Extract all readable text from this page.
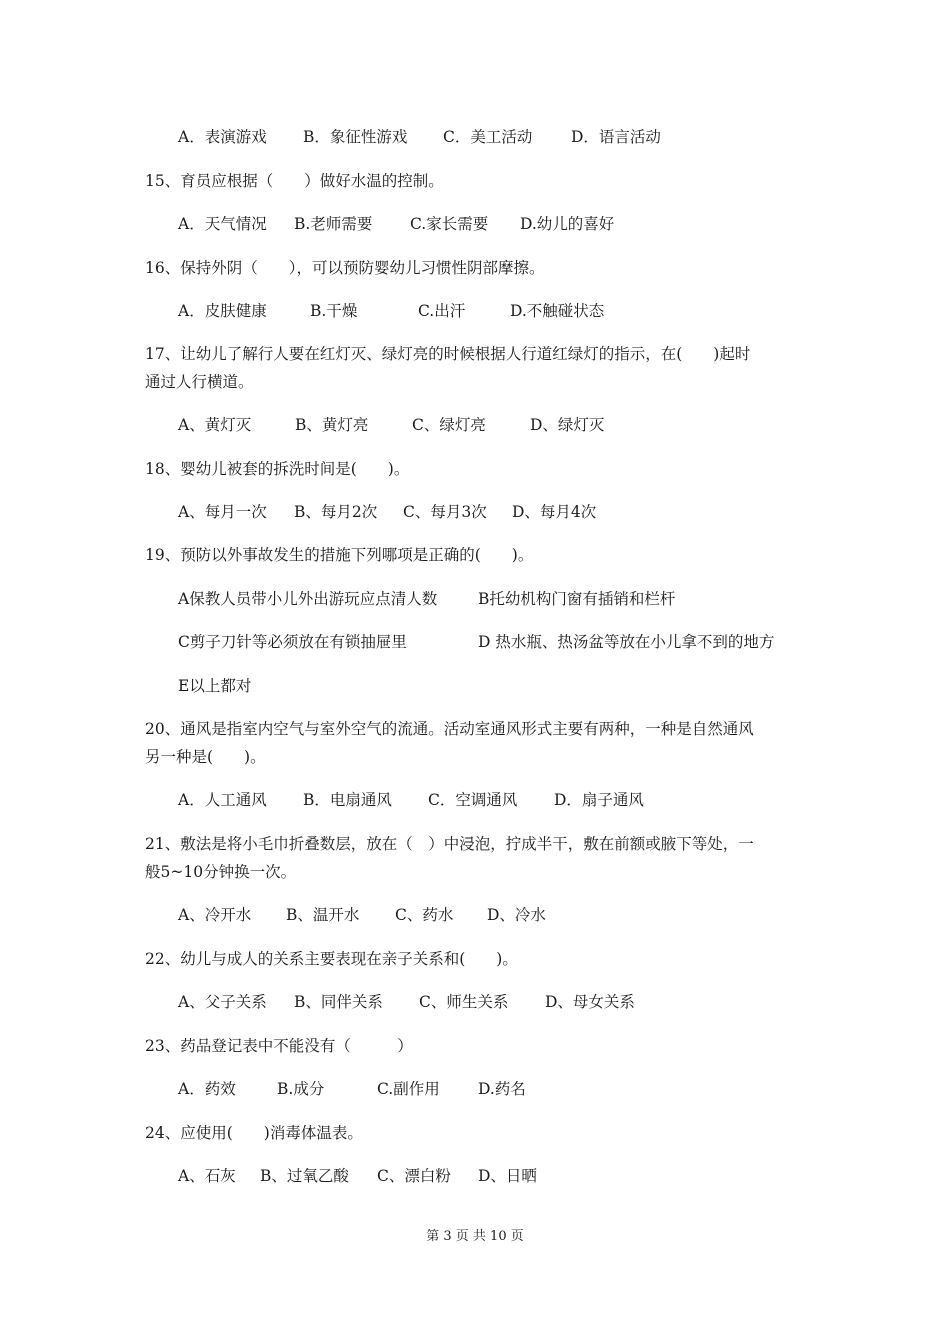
A．表演游戏 B．象征性游戏 C．美工活动 D．语言活动
15、育员应根据（　　）做好水温的控制。
A．天气情况 B.老师需要 C.家长需要 D.幼儿的喜好
16、保持外阴（　　），可以预防婴幼儿习惯性阴部摩擦。
A．皮肤健康	B.干燥	C.出汗	D.不触碰状态
17、让幼儿了解行人要在红灯灭、绿灯亮的时候根据人行道红绿灯的指示，在(　　)起时
通过人行横道。
A、黄灯灭	B、黄灯亮	C、绿灯亮	D、绿灯灭
18、婴幼儿被套的拆洗时间是(　　)。
A、每月一次 B、每月2次 C、每月3次 D、每月4次
19、预防以外事故发生的措施下列哪项是正确的(　　)。
A保教人员带小儿外出游玩应点清人数	B托幼机构门窗有插销和栏杆
C剪子刀针等必须放在有锁抽屉里	D 热水瓶、热汤盆等放在小儿拿不到的地方
E以上都对
20、通风是指室内空气与室外空气的流通。活动室通风形式主要有两种，一种是自然通风
另一种是(　　)。
A．人工通风 B．电扇通风 C．空调通风 D．扇子通风
21、敷法是将小毛巾折叠数层，放在（　）中浸泡，拧成半干，敷在前额或腋下等处，一
般5~10分钟换一次。
A、冷开水 B、温开水 C、药水 D、冷水
22、幼儿与成人的关系主要表现在亲子关系和(　　)。
A、父子关系 B、同伴关系 C、师生关系 D、母女关系
23、药品登记表中不能没有（　　　）
A．药效	B.成分	C.副作用 D.药名
24、应使用(　　)消毒体温表。
A、石灰 B、过氧乙酸 C、漂白粉 D、日晒
第 3 页 共 10 页
